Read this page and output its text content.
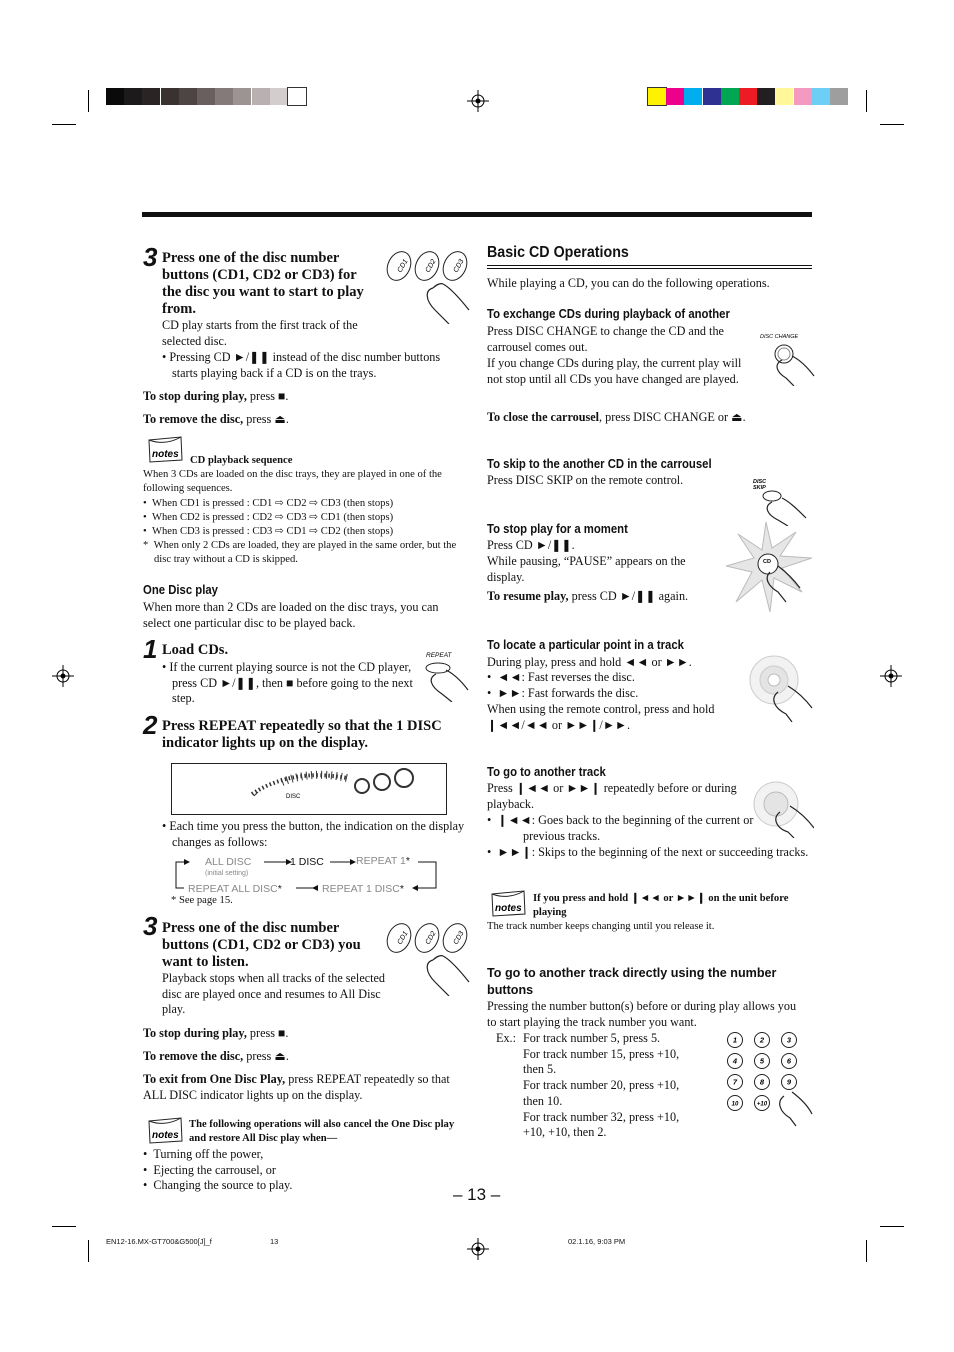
3 Press one of the disc number buttons (CD1, CD2 or CD3) for the disc you want to start to play from.
CD play starts from the first track of the selected disc.
• Pressing CD ►/❚❚ instead of the disc number buttons starts playing back if a CD is on the trays.
CD1 CD2 CD3
To stop during play, press ■.
To remove the disc, press ⏏.
notes
CD playback sequence
When 3 CDs are loaded on the disc trays, they are played in one of the following sequences.
•  When CD1 is pressed : CD1 ⇨ CD2 ⇨ CD3 (then stops)
•  When CD2 is pressed : CD2 ⇨ CD3 ⇨ CD1 (then stops)
•  When CD3 is pressed : CD3 ⇨ CD1 ⇨ CD2 (then stops)
*  When only 2 CDs are loaded, they are played in the same order, but the disc tray without a CD is skipped.
One Disc play
When more than 2 CDs are loaded on the disc trays, you can select one particular disc to be played back.
1 Load CDs.
• If the current playing source is not the CD player, press CD ►/❚❚, then ■ before going to the next step.
REPEAT
2 Press REPEAT repeatedly so that the 1 DISC indicator lights up on the display.
DISC
• Each time you press the button, the indication on the display changes as follows:
ALL DISC
(initial setting)
1 DISC	REPEAT 1*
REPEAT ALL DISC*	REPEAT 1 DISC*
* See page 15.
3 Press one of the disc number buttons (CD1, CD2 or CD3) you want to listen.
Playback stops when all tracks of the selected disc are played once and resumes to All Disc play.
CD1 CD2 CD3
To stop during play, press ■.
To remove the disc, press ⏏.
To exit from One Disc Play, press REPEAT repeatedly so that ALL DISC indicator lights up on the display.
notes
The following operations will also cancel the One Disc play and restore All Disc play when—
•  Turning off the power,
•  Ejecting the carrousel, or
•  Changing the source to play.
Basic CD Operations
While playing a CD, you can do the following operations.
To exchange CDs during playback of another
Press DISC CHANGE to change the CD and the carrousel comes out.
If you change CDs during play, the current play will not stop until all CDs you have changed are played.
To close the carrousel, press DISC CHANGE or ⏏.
DISC CHANGE
To skip to the another CD in the carrousel
Press DISC SKIP on the remote control.	DISC
SKIP
To stop play for a moment
Press CD ►/❚❚.
While pausing, “PAUSE” appears on the display.
To resume play, press CD ►/❚❚ again.
CD
To locate a particular point in a track
During play, press and hold ◄◄ or ►►.
•  ◄◄: Fast reverses the disc.
•  ►►: Fast forwards the disc.
When using the remote control, press and hold ❙◄◄/◄◄ or ►►❙/►►.
To go to another track
Press ❙◄◄ or ►►❙ repeatedly before or during playback.
•  ❙◄◄: Goes back to the beginning of the current or previous tracks.
•  ►►❙: Skips to the beginning of the next or succeeding tracks.
notes
If you press and hold ❙◄◄ or ►►❙ on the unit before playing
The track number keeps changing until you release it.
To go to another track directly using the number buttons
Pressing the number button(s) before or during play allows you to start playing the track number you want.
Ex.: For track number 5, press 5.
For track number 15, press +10, then 5.
For track number 20, press +10, then 10.
For track number 32, press +10, +10, +10, then 2.
1	2	3
4	5	6
7	8	9
10	+10
– 13 –
EN12-16.MX-GT700&G500[J]_f	13	02.1.16, 9:03 PM
